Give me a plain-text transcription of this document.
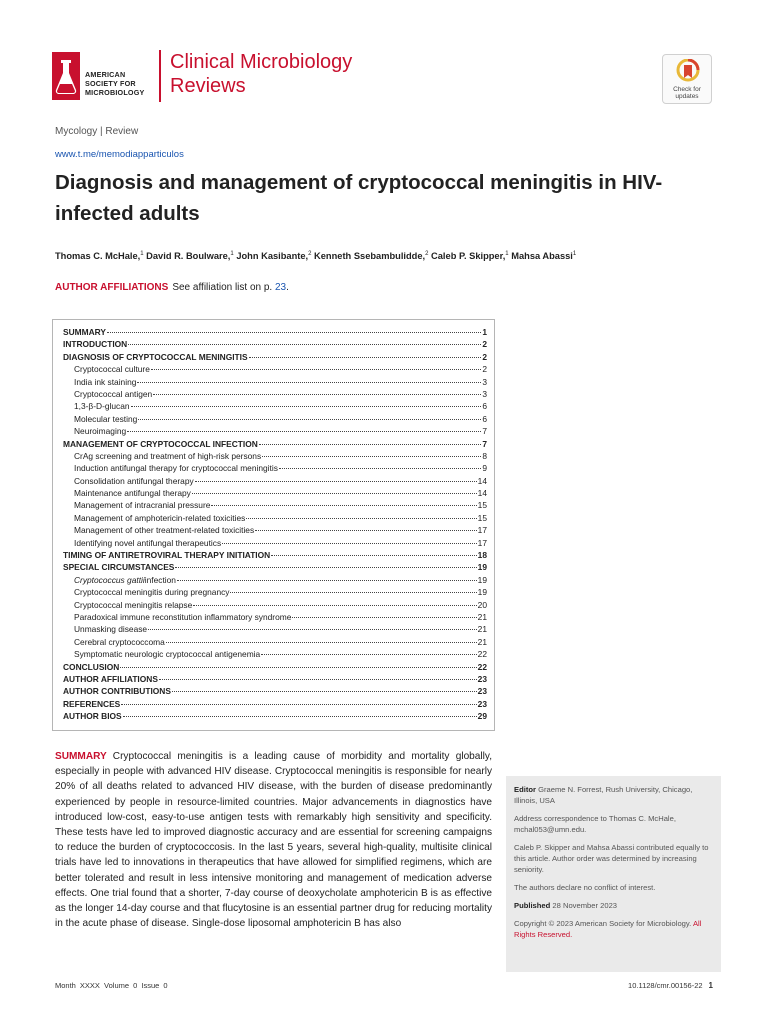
AMERICAN
SOCIETY FOR
MICROBIOLOGY
Clinical Microbiology
Reviews	Check for
updates
Mycology | Review
www.t.me/memodiapparticulos
Diagnosis and management of cryptococcal meningitis in HIV-infected adults
Thomas C. McHale,$^1$ David R. Boulware,$^1$ John Kasibante,$^2$ Kenneth Ssebambulidde,$^2$ Caleb P. Skipper,$^1$ Mahsa Abassi$^1$
AUTHOR AFFILIATIONS See affiliation list on p. 23.
SUMMARY	1
INTRODUCTION	2
DIAGNOSIS OF CRYPTOCOCCAL MENINGITIS	2
Cryptococcal culture	2
India ink staining	3
Cryptococcal antigen	3
1,3-β-D-glucan	6
Molecular testing	6
Neuroimaging	7
MANAGEMENT OF CRYPTOCOCCAL INFECTION	7
CrAg screening and treatment of high-risk persons	8
Induction antifungal therapy for cryptococcal meningitis	9
Consolidation antifungal therapy	14
Maintenance antifungal therapy	14
Management of intracranial pressure	15
Management of amphotericin-related toxicities	15
Management of other treatment-related toxicities	17
Identifying novel antifungal therapeutics	17
TIMING OF ANTIRETROVIRAL THERAPY INITIATION	18
SPECIAL CIRCUMSTANCES	19
Cryptococcus gattii infection	19
Cryptococcal meningitis during pregnancy	19
Cryptococcal meningitis relapse	20
Paradoxical immune reconstitution inflammatory syndrome	21
Unmasking disease	21
Cerebral cryptococcoma	21
Symptomatic neurologic cryptococcal antigenemia	22
CONCLUSION	22
AUTHOR AFFILIATIONS	23
AUTHOR CONTRIBUTIONS	23
REFERENCES	23
AUTHOR BIOS	29
SUMMARY Cryptococcal meningitis is a leading cause of morbidity and mortality globally, especially in people with advanced HIV disease. Cryptococcal meningitis is responsible for nearly 20% of all deaths related to advanced HIV disease, with the burden of disease predominantly experienced by people in resource-limited countries. Major advancements in diagnostics have introduced low-cost, easy-to-use antigen tests with remarkably high sensitivity and specificity. These tests have led to improved diagnostic accuracy and are essential for screening campaigns to reduce the burden of cryptococcosis. In the last 5 years, several high-quality, multisite clinical trials have led to innovations in therapeutics that have allowed for simplified regimens, which are better tolerated and result in less intensive monitoring and management of medication adverse effects. One trial found that a shorter, 7-day course of deoxycholate amphotericin B is as effective as the longer 14-day course and that flucytosine is an essential partner drug for reducing mortality in the acute phase of disease. Single-dose liposomal amphotericin B has also

Editor Graeme N. Forrest, Rush University, Chicago, Illinois, USA

Address correspondence to Thomas C. McHale, mchal053@umn.edu.

Caleb P. Skipper and Mahsa Abassi contributed equally to this article. Author order was determined by increasing seniority.

The authors declare no conflict of interest.

Published 28 November 2023

Copyright © 2023 American Society for Microbiology. All Rights Reserved.

Month XXXX Volume 0 Issue 0	10.1128/cmr.00156-22 1
